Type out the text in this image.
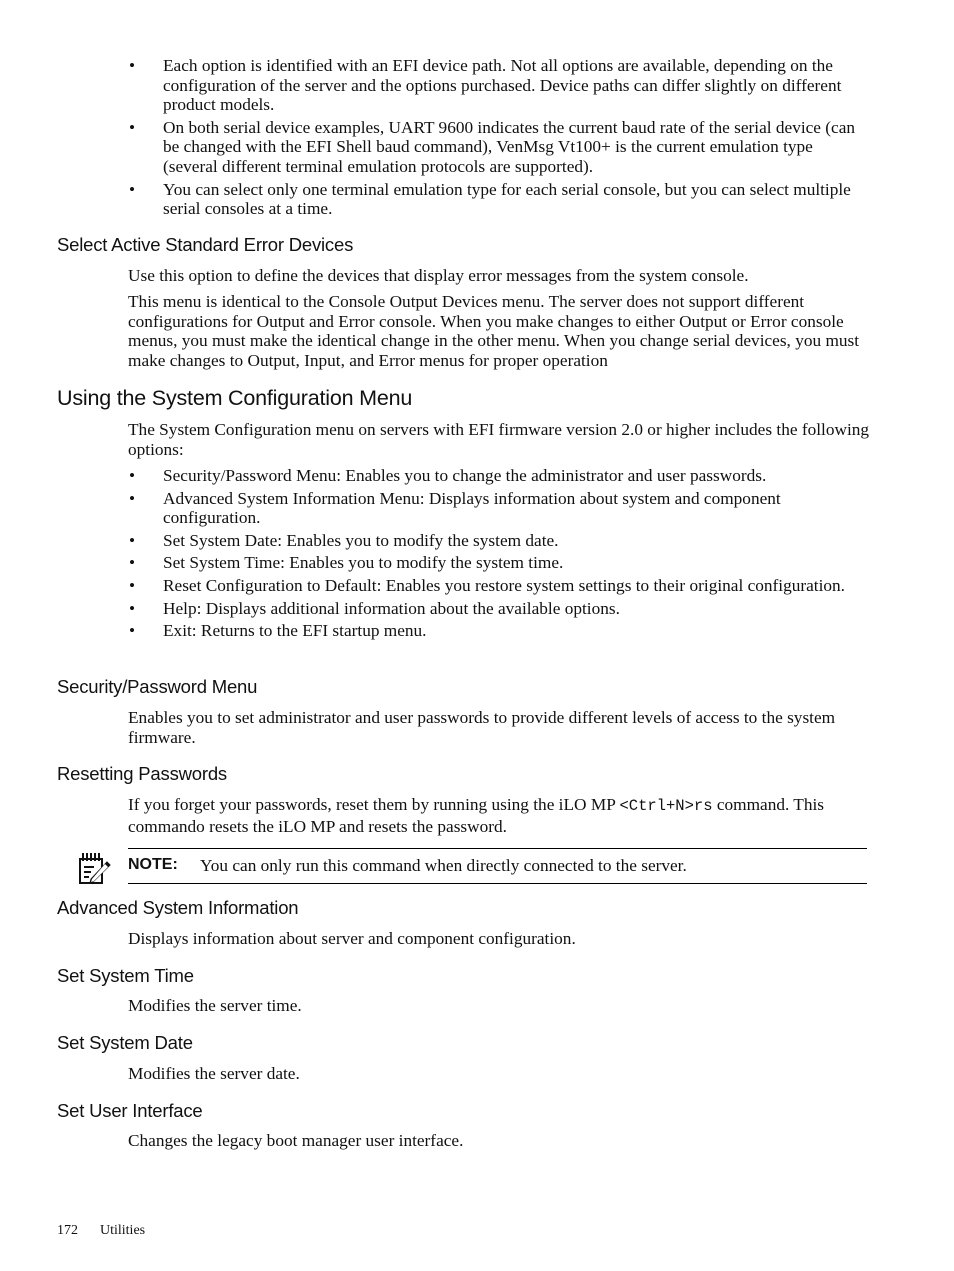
• Each option is identified with an EFI device path. Not all options are available, depending on the configuration of the server and the options purchased. Device paths can differ slightly on different product models.
• On both serial device examples, UART 9600 indicates the current baud rate of the serial device (can be changed with the EFI Shell baud command), VenMsg Vt100+ is the current emulation type (several different terminal emulation protocols are supported).
• You can select only one terminal emulation type for each serial console, but you can select multiple serial consoles at a time.
Select Active Standard Error Devices

Use this option to define the devices that display error messages from the system console.

This menu is identical to the Console Output Devices menu. The server does not support different configurations for Output and Error console. When you make changes to either Output or Error console menus, you must make the identical change in the other menu. When you change serial devices, you must make changes to Output, Input, and Error menus for proper operation

Using the System Configuration Menu

The System Configuration menu on servers with EFI firmware version 2.0 or higher includes the following options:

• Security/Password Menu: Enables you to change the administrator and user passwords.
• Advanced System Information Menu: Displays information about system and component configuration.
• Set System Date: Enables you to modify the system date.
• Set System Time: Enables you to modify the system time.
• Reset Configuration to Default: Enables you restore system settings to their original configuration.
• Help: Displays additional information about the available options.
• Exit: Returns to the EFI startup menu.
Security/Password Menu

Enables you to set administrator and user passwords to provide different levels of access to the system firmware.

Resetting Passwords

If you forget your passwords, reset them by running using the iLO MP <Ctrl+N>rs command. This commando resets the iLO MP and resets the password.

NOTE: You can only run this command when directly connected to the server.
Advanced System Information

Displays information about server and component configuration.

Set System Time

Modifies the server time.

Set System Date

Modifies the server date.

Set User Interface

Changes the legacy boot manager user interface.

172 Utilities
